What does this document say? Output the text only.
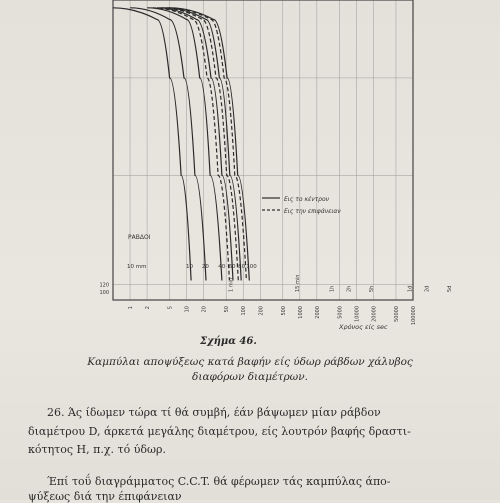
100
120
1 2	5 10 20	50 100 200	500 1000 2000	5000 10000 20000	50000 100000
1 min	15 min	1h 2h	5h	1d 2d	5d
10 mm	10 20 40 60 80 100
ΡΑΒΔΟΙ
Εις το κέντρον
Εις την επιφάνειαν
Χρόνος είς sec
Σχήμα 46.
Καμπύλαι αποψύξεως κατά βαφήν είς ύδωρ ράβδων χάλυβος
διαφόρων διαμέτρων.
26. Άς ίδωμεν τώρα τί θά συμβή, έάν βάψωμεν μίαν ράβδον
διαμέτρου D, άρκετά μεγάλης διαμέτρου, είς λουτρόν βαφής δραστι-
κότητος H, π.χ. τό ύδωρ.
Έπί τοΰ διαγράμματος C.C.T. θά φέρωμεν τάς καμπύλας άπο-
ψύξεως διά την έπιφάνειαν
